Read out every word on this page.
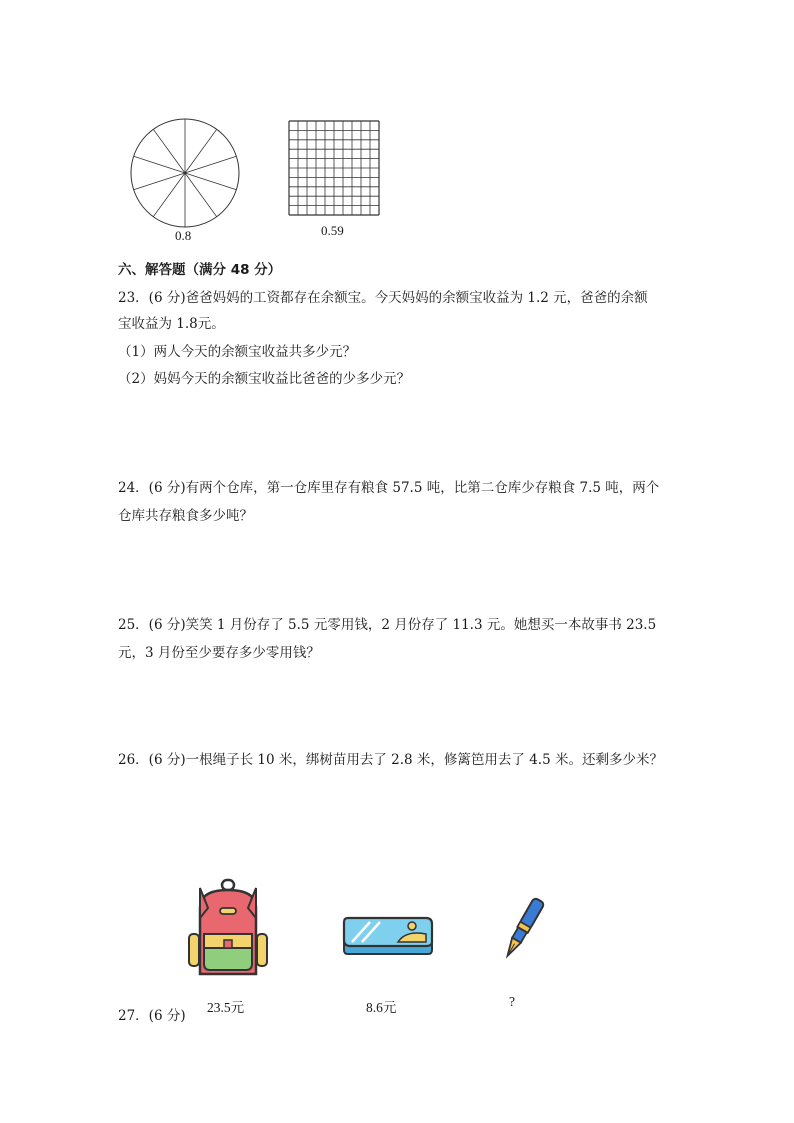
0.8	0.59
六、解答题（满分 48 分）
23．(6 分)爸爸妈妈的工资都存在余额宝。今天妈妈的余额宝收益为 1.2 元，爸爸的余额
宝收益为 1.8元。
（1）两人今天的余额宝收益共多少元？
（2）妈妈今天的余额宝收益比爸爸的少多少元？
24．(6 分)有两个仓库，第一仓库里存有粮食 57.5 吨，比第二仓库少存粮食 7.5 吨，两个
仓库共存粮食多少吨？
25．(6 分)笑笑 1 月份存了 5.5 元零用钱，2 月份存了 11.3 元。她想买一本故事书 23.5
元，3 月份至少要存多少零用钱？
26．(6 分)一根绳子长 10 米，绑树苗用去了 2.8 米，修篱笆用去了 4.5 米。还剩多少米？
23.5元	8.6元	?
27．(6 分)
